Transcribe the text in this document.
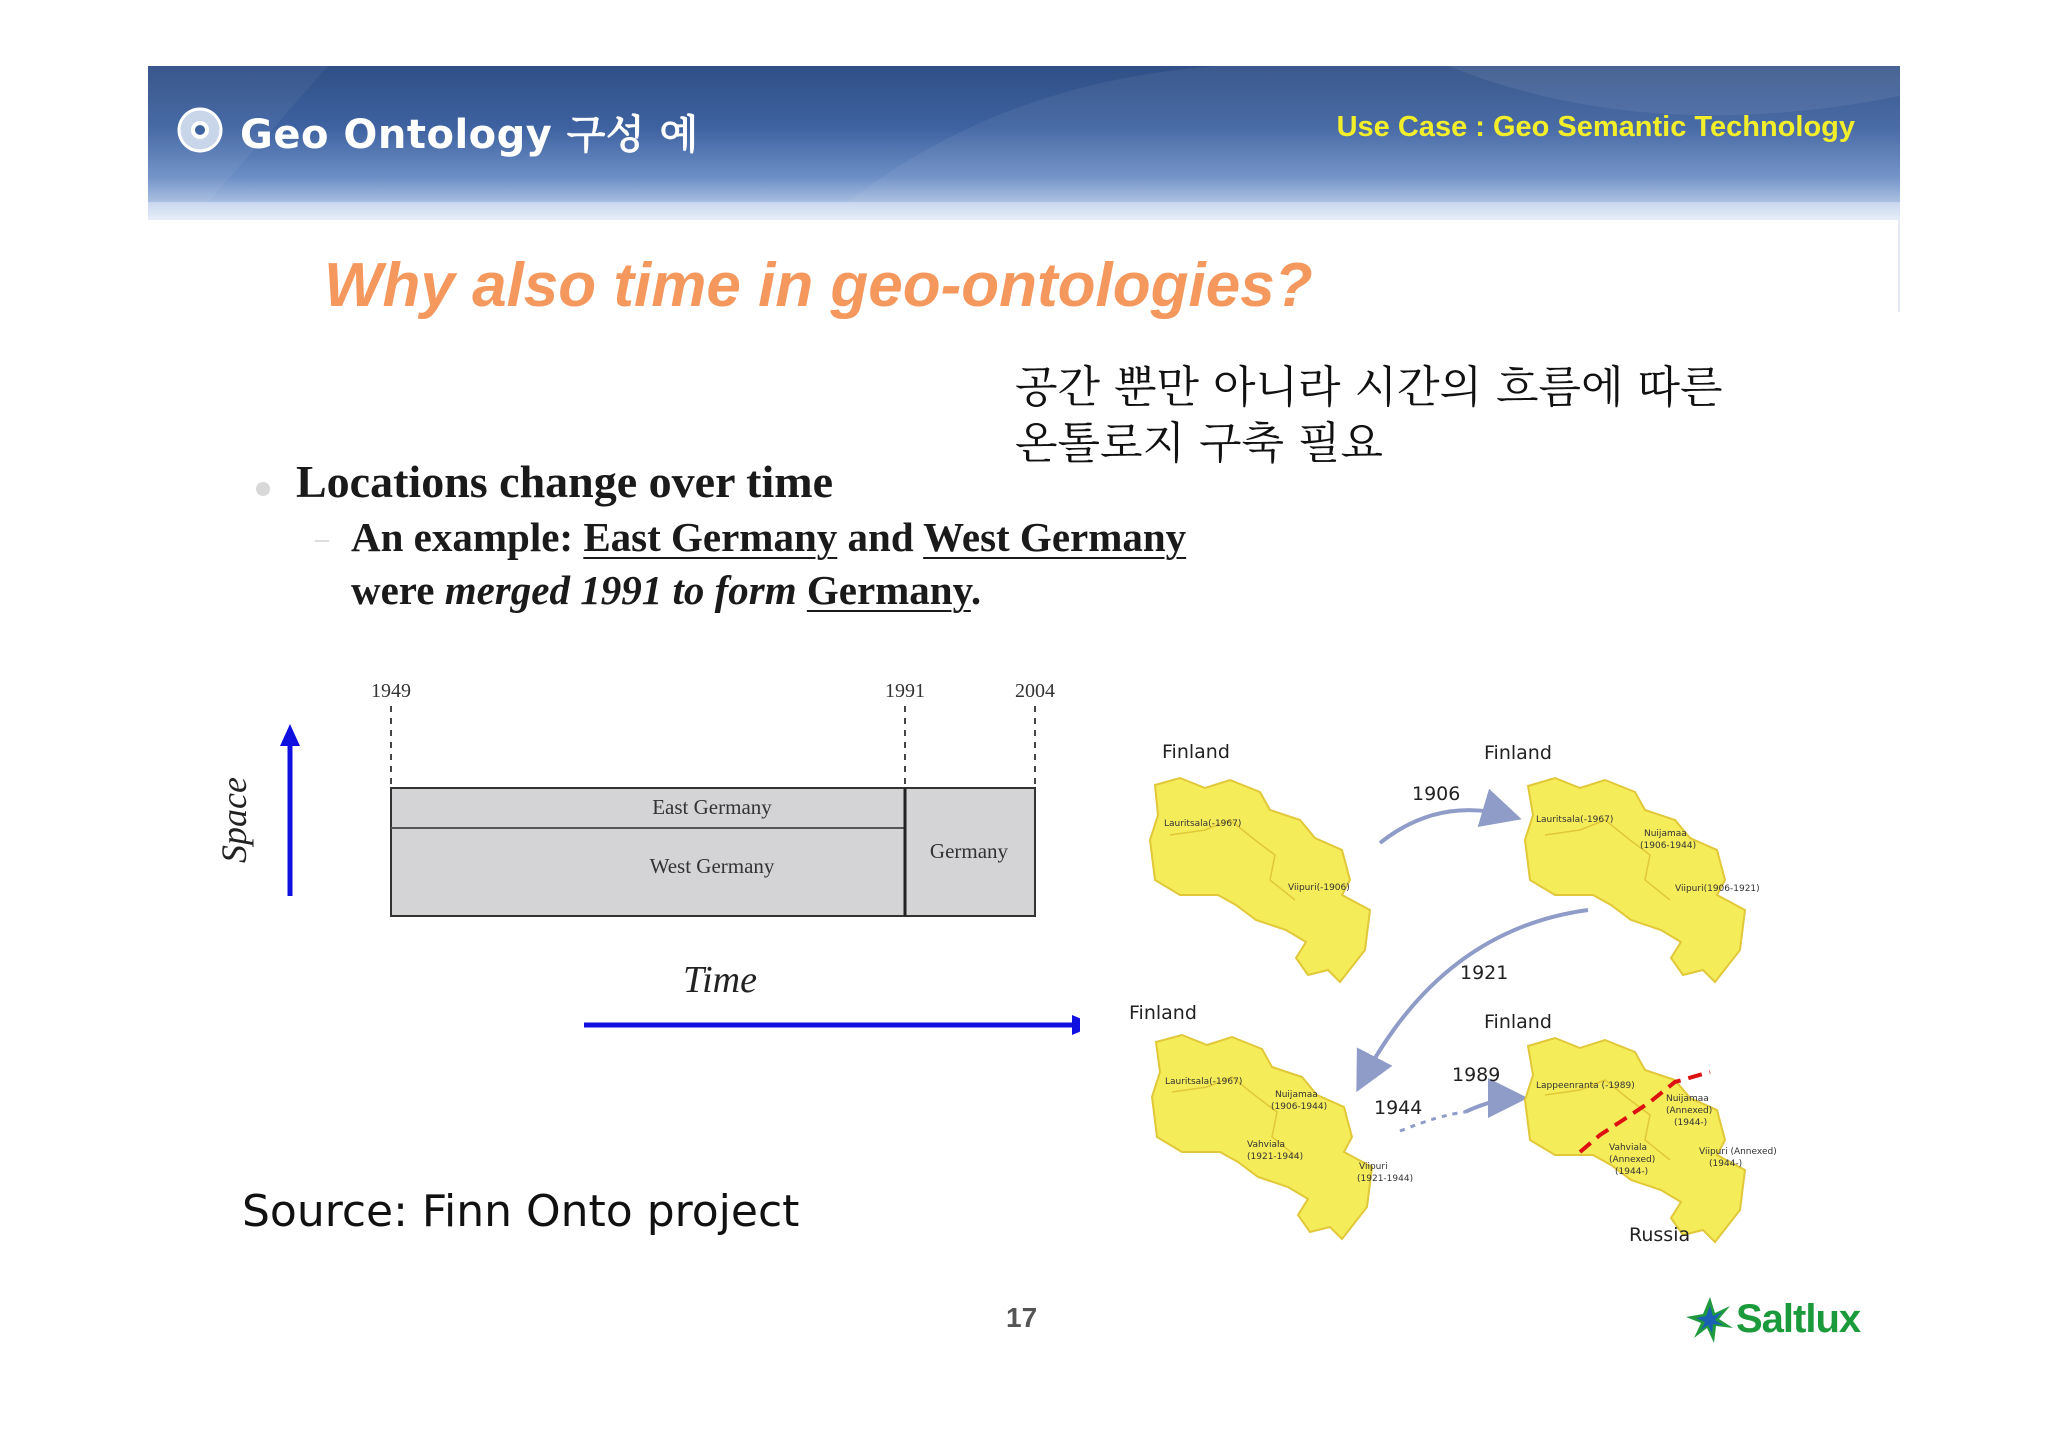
Geo Ontology 구성 예	Use Case : Geo Semantic Technology
Why also time in geo-ontologies?
공간 뿐만 아니라 시간의 흐름에 따른
온톨로지 구축 필요
Locations change over time
An example: East Germany and West Germany
were merged 1991 to form Germany.
1949	1991	2004
East Germany
West Germany
Germany
Space
Time
Finland
Lauritsala(-1967)
Viipuri(-1906)
Finland
Lauritsala(-1967)
Nuijamaa
(1906-1944)
Viipuri(1906-1921)
1906
1921
Finland
Lauritsala(-1967)
Nuijamaa
(1906-1944)
Vahviala
(1921-1944)
Viipuri
(1921-1944)
1944
1989
Finland
Lappeenranta (-1989)
Nuijamaa
(Annexed)
(1944-)
Vahviala
(Annexed)
(1944-)
Viipuri (Annexed)
(1944-)
Russia
Source: Finn Onto project
17	Saltlux
